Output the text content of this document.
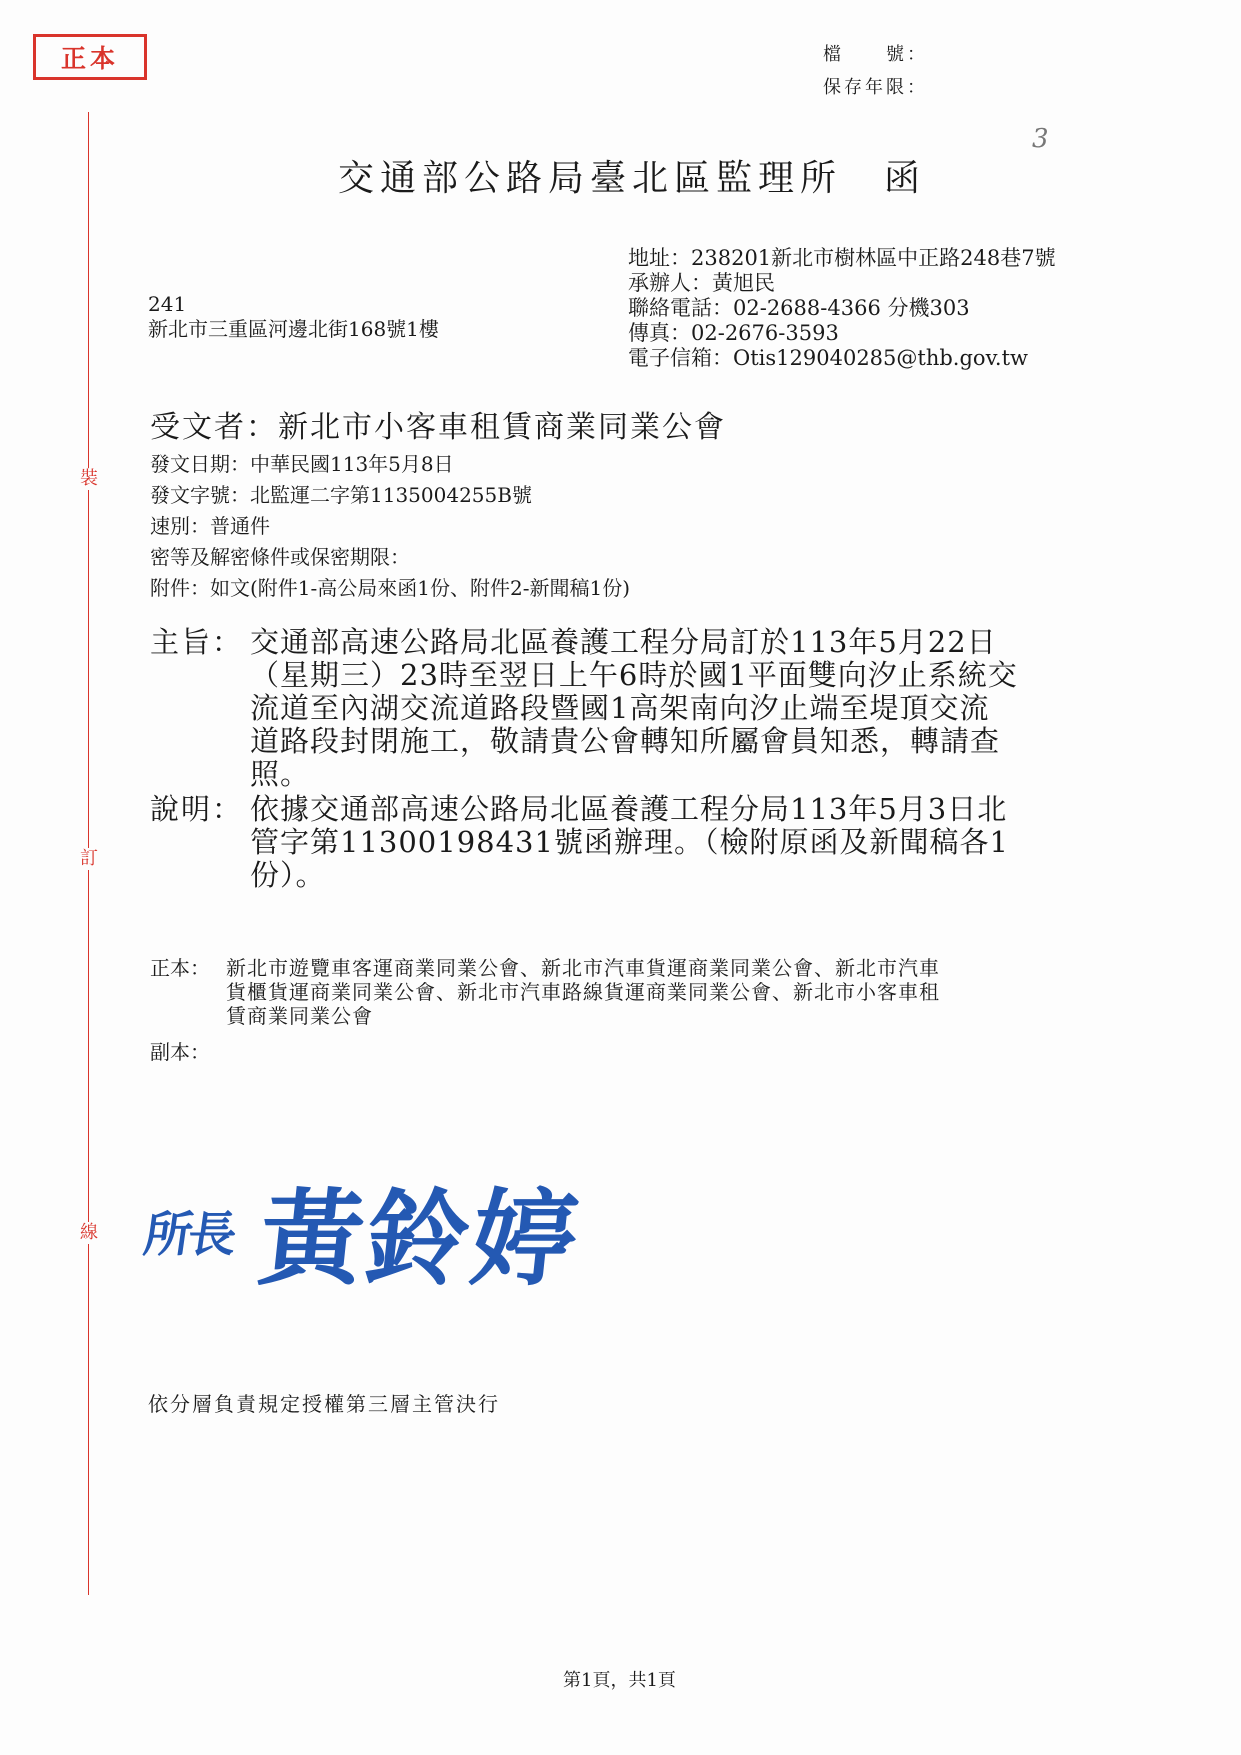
裝
訂
線
正本	檔　　號：
保存年限：
3
交通部公路局臺北區監理所　函
地址：238201新北市樹林區中正路248巷7號
承辦人：黃旭民
聯絡電話：02-2688-4366 分機303
傳真：02-2676-3593
電子信箱：Otis129040285@thb.gov.tw
241
新北市三重區河邊北街168號1樓
受文者：新北市小客車租賃商業同業公會
發文日期：中華民國113年5月8日
發文字號：北監運二字第1135004255B號
速別：普通件
密等及解密條件或保密期限：
附件：如文(附件1-高公局來函1份、附件2-新聞稿1份)
主旨： 交通部高速公路局北區養護工程分局訂於113年5月22日
（星期三）23時至翌日上午6時於國1平面雙向汐止系統交
流道至內湖交流道路段暨國1高架南向汐止端至堤頂交流
道路段封閉施工，敬請貴公會轉知所屬會員知悉，轉請查
照。
說明： 依據交通部高速公路局北區養護工程分局113年5月3日北
管字第11300198431號函辦理。（檢附原函及新聞稿各1
份）。
正本： 新北市遊覽車客運商業同業公會、新北市汽車貨運商業同業公會、新北市汽車
貨櫃貨運商業同業公會、新北市汽車路線貨運商業同業公會、新北市小客車租
賃商業同業公會
副本：
所長 黃鈴婷
依分層負責規定授權第三層主管決行
第1頁，共1頁
